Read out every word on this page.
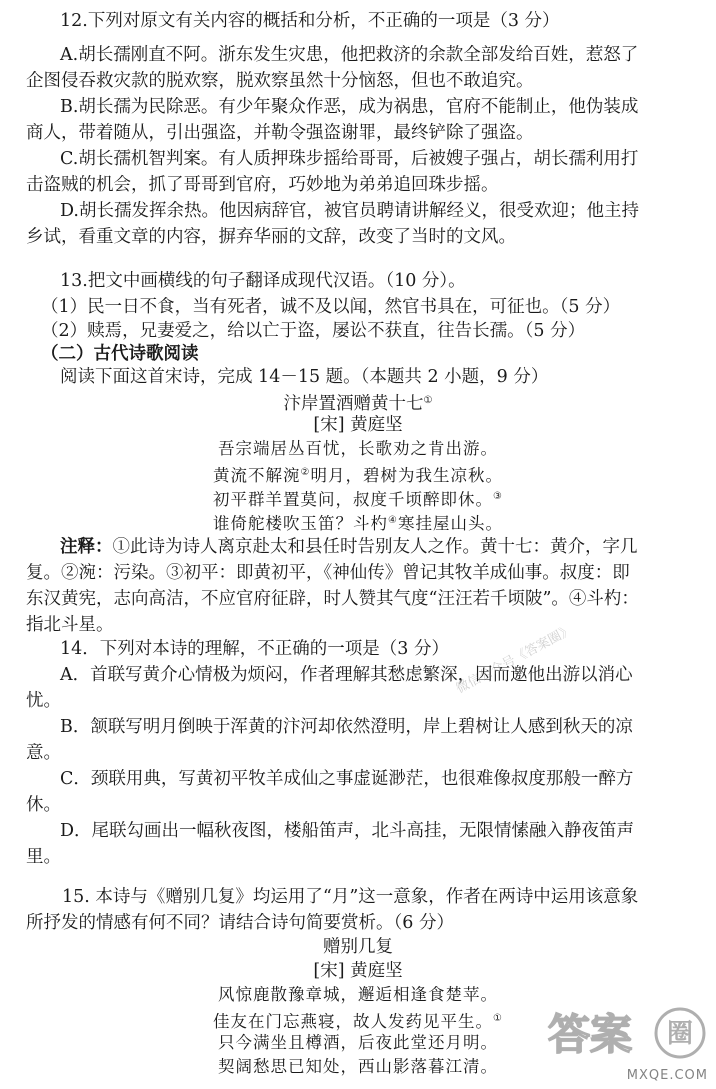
12.下列对原文有关内容的概括和分析，不正确的一项是（3 分）
A.胡长孺刚直不阿。浙东发生灾患，他把救济的余款全部发给百姓，惹怒了
企图侵吞救灾款的脱欢察，脱欢察虽然十分恼怒，但也不敢追究。
B.胡长孺为民除恶。有少年聚众作恶，成为祸患，官府不能制止，他伪装成
商人，带着随从，引出强盗，并勒令强盗谢罪，最终铲除了强盗。
C.胡长孺机智判案。有人质押珠步摇给哥哥，后被嫂子强占，胡长孺利用打
击盗贼的机会，抓了哥哥到官府，巧妙地为弟弟追回珠步摇。
D.胡长孺发挥余热。他因病辞官，被官员聘请讲解经义，很受欢迎；他主持
乡试，看重文章的内容，摒弃华丽的文辞，改变了当时的文风。
13.把文中画横线的句子翻译成现代汉语。（10 分）。
（1）民一日不食，当有死者，诚不及以闻，然官书具在，可征也。（5 分）
（2）赎焉，兄妻爱之，给以亡于盗，屡讼不获直，往告长孺。（5 分）
（二）古代诗歌阅读
阅读下面这首宋诗，完成 14－15 题。（本题共 2 小题，9 分）
汴岸置酒赠黄十七①
[宋] 黄庭坚
吾宗端居丛百忧，长歌劝之肯出游。
黄流不解涴②明月，碧树为我生凉秋。
初平群羊置莫问，叔度千顷醉即休。③
谁倚舵楼吹玉笛？斗杓④寒挂屋山头。
注释：①此诗为诗人离京赴太和县任时告别友人之作。黄十七：黄介，字几
复。②涴：污染。③初平：即黄初平，《神仙传》曾记其牧羊成仙事。叔度：即
东汉黄宪，志向高洁，不应官府征辟，时人赞其气度“汪汪若千顷陂”。④斗杓：
指北斗星。
14．下列对本诗的理解，不正确的一项是（3 分）
A．首联写黄介心情极为烦闷，作者理解其愁虑繁深，因而邀他出游以消心
忧。
B．颔联写明月倒映于浑黄的汴河却依然澄明，岸上碧树让人感到秋天的凉
意。
C．颈联用典，写黄初平牧羊成仙之事虚诞渺茫，也很难像叔度那般一醉方
休。
D．尾联勾画出一幅秋夜图，楼船笛声，北斗高挂，无限情愫融入静夜笛声
里。
15. 本诗与《赠别几复》均运用了“月”这一意象，作者在两诗中运用该意象
所抒发的情感有何不同？请结合诗句简要赏析。（6 分）
赠别几复
[宋] 黄庭坚
风惊鹿散豫章城，邂逅相逢食楚苹。
佳友在门忘燕寝，故人发药见平生。①
只今满坐且樽酒，后夜此堂还月明。
契阔愁思已知处，西山影落暮江清。
微信公众号《答案圈》
圈
答案
MXQE.COM
